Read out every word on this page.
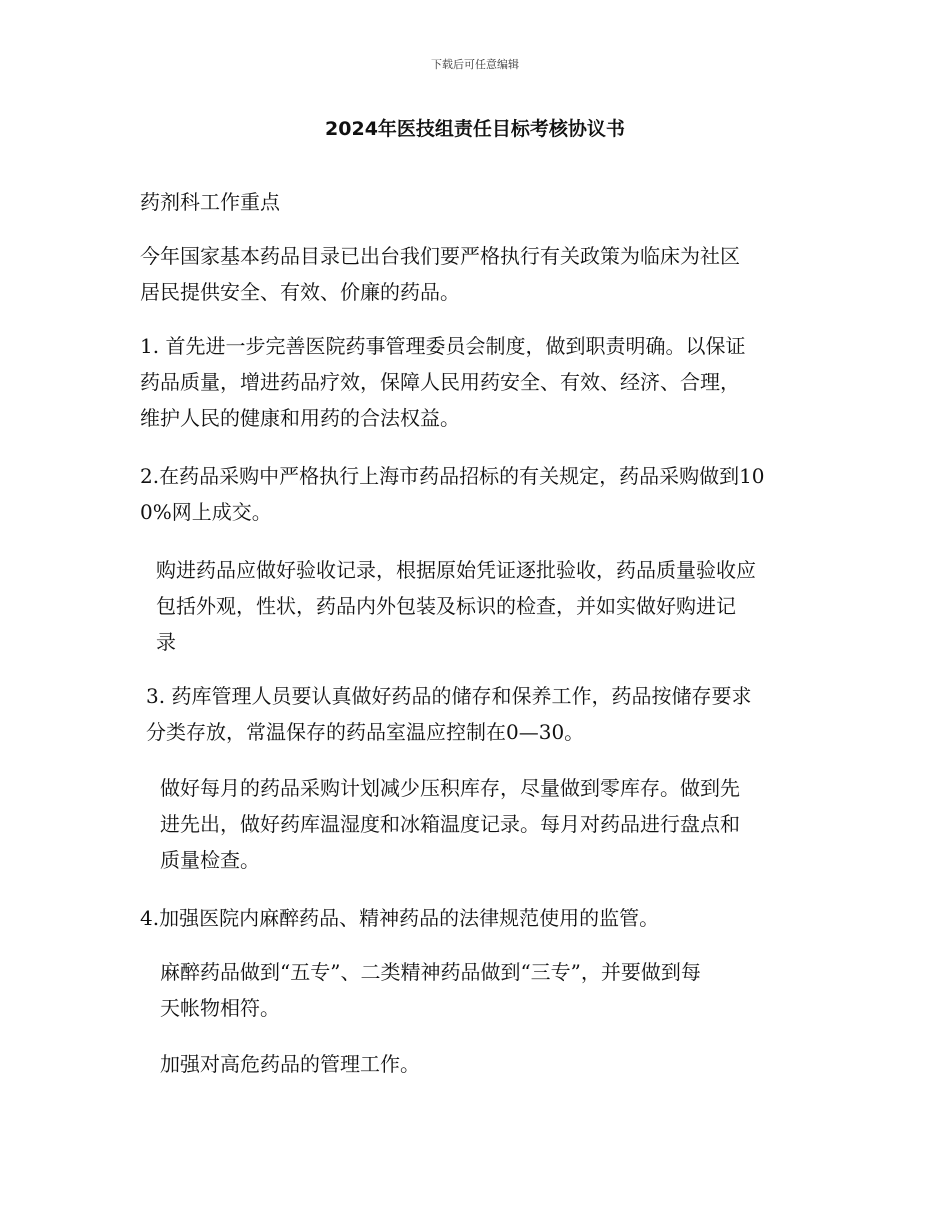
下载后可任意编辑
2024年医技组责任目标考核协议书
药剂科工作重点
今年国家基本药品目录已出台我们要严格执行有关政策为临床为社区
居民提供安全、有效、价廉的药品。
1. 首先进一步完善医院药事管理委员会制度，做到职责明确。以保证
药品质量，增进药品疗效，保障人民用药安全、有效、经济、合理，
维护人民的健康和用药的合法权益。
2.在药品采购中严格执行上海市药品招标的有关规定，药品采购做到10
0%网上成交。
购进药品应做好验收记录，根据原始凭证逐批验收，药品质量验收应
包括外观，性状，药品内外包装及标识的检查，并如实做好购进记
录
3. 药库管理人员要认真做好药品的储存和保养工作，药品按储存要求
分类存放，常温保存的药品室温应控制在0—30。
做好每月的药品采购计划减少压积库存，尽量做到零库存。做到先
进先出，做好药库温湿度和冰箱温度记录。每月对药品进行盘点和
质量检查。
4.加强医院内麻醉药品、精神药品的法律规范使用的监管。
麻醉药品做到“五专”、二类精神药品做到“三专”，并要做到每
天帐物相符。
加强对高危药品的管理工作。
